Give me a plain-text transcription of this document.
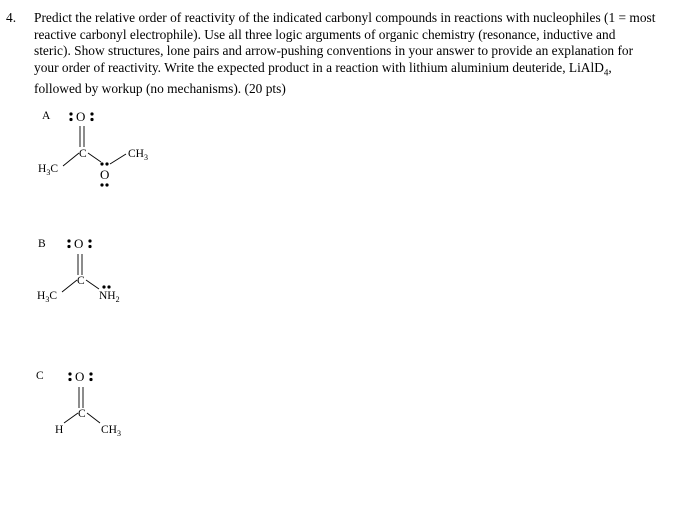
4. Predict the relative order of reactivity of the indicated carbonyl compounds in reactions with nucleophiles (1 = most
reactive carbonyl electrophile). Use all three logic arguments of organic chemistry (resonance, inductive and
steric). Show structures, lone pairs and arrow-pushing conventions in your answer to provide an explanation for
your order of reactivity. Write the expected product in a reaction with lithium aluminium deuteride, LiAlD$_4$,
followed by workup (no mechanisms). (20 pts)
A O
C
$H_3C$	O
$CH_3$
B O
C
$H_3C$	$NH_2$
C O
C
H	$CH_3$
